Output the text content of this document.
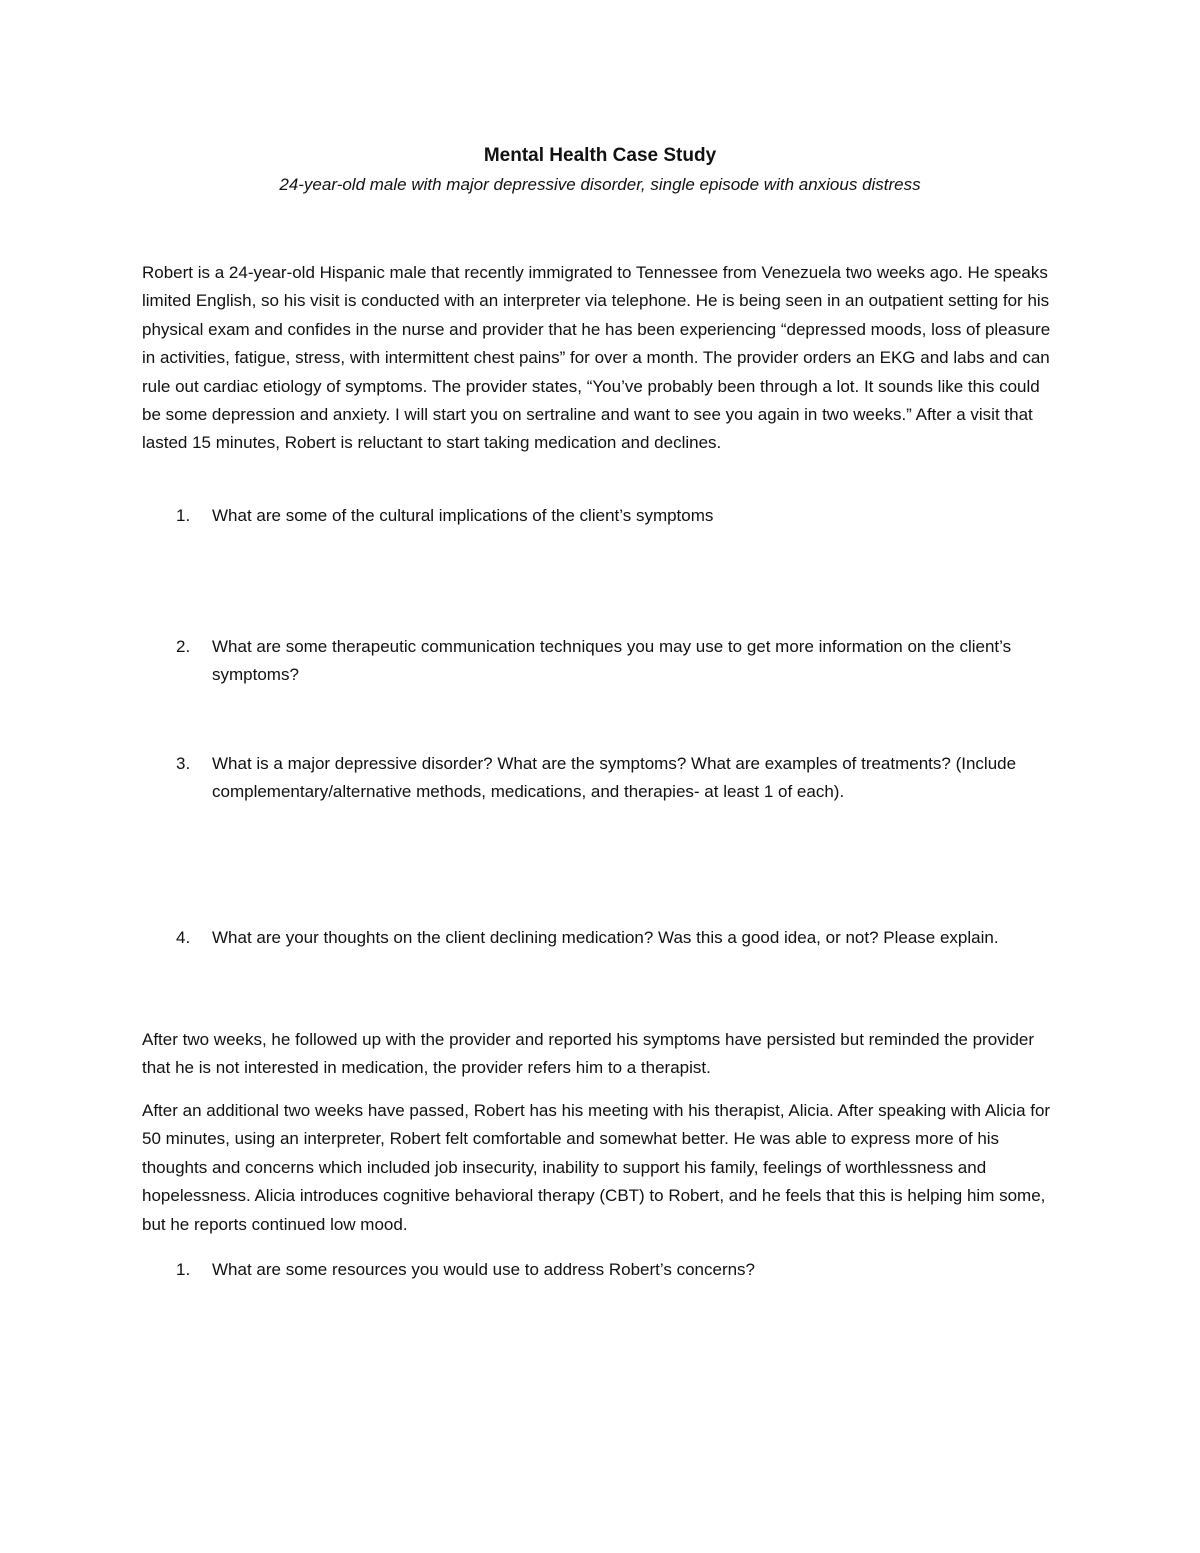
Mental Health Case Study

24-year-old male with major depressive disorder, single episode with anxious distress

Robert is a 24-year-old Hispanic male that recently immigrated to Tennessee from Venezuela two weeks ago. He speaks limited English, so his visit is conducted with an interpreter via telephone. He is being seen in an outpatient setting for his physical exam and confides in the nurse and provider that he has been experiencing “depressed moods, loss of pleasure in activities, fatigue, stress, with intermittent chest pains” for over a month. The provider orders an EKG and labs and can rule out cardiac etiology of symptoms. The provider states, “You’ve probably been through a lot. It sounds like this could be some depression and anxiety. I will start you on sertraline and want to see you again in two weeks.” After a visit that lasted 15 minutes, Robert is reluctant to start taking medication and declines.

1.	What are some of the cultural implications of the client’s symptoms
2.	What are some therapeutic communication techniques you may use to get more information on the client’s symptoms?
3.	What is a major depressive disorder? What are the symptoms? What are examples of treatments? (Include complementary/alternative methods, medications, and therapies- at least 1 of each).
4.	What are your thoughts on the client declining medication? Was this a good idea, or not? Please explain.

After two weeks, he followed up with the provider and reported his symptoms have persisted but reminded the provider that he is not interested in medication, the provider refers him to a therapist.

After an additional two weeks have passed, Robert has his meeting with his therapist, Alicia. After speaking with Alicia for 50 minutes, using an interpreter, Robert felt comfortable and somewhat better. He was able to express more of his thoughts and concerns which included job insecurity, inability to support his family, feelings of worthlessness and hopelessness. Alicia introduces cognitive behavioral therapy (CBT) to Robert, and he feels that this is helping him some, but he reports continued low mood.

1.	What are some resources you would use to address Robert’s concerns?
